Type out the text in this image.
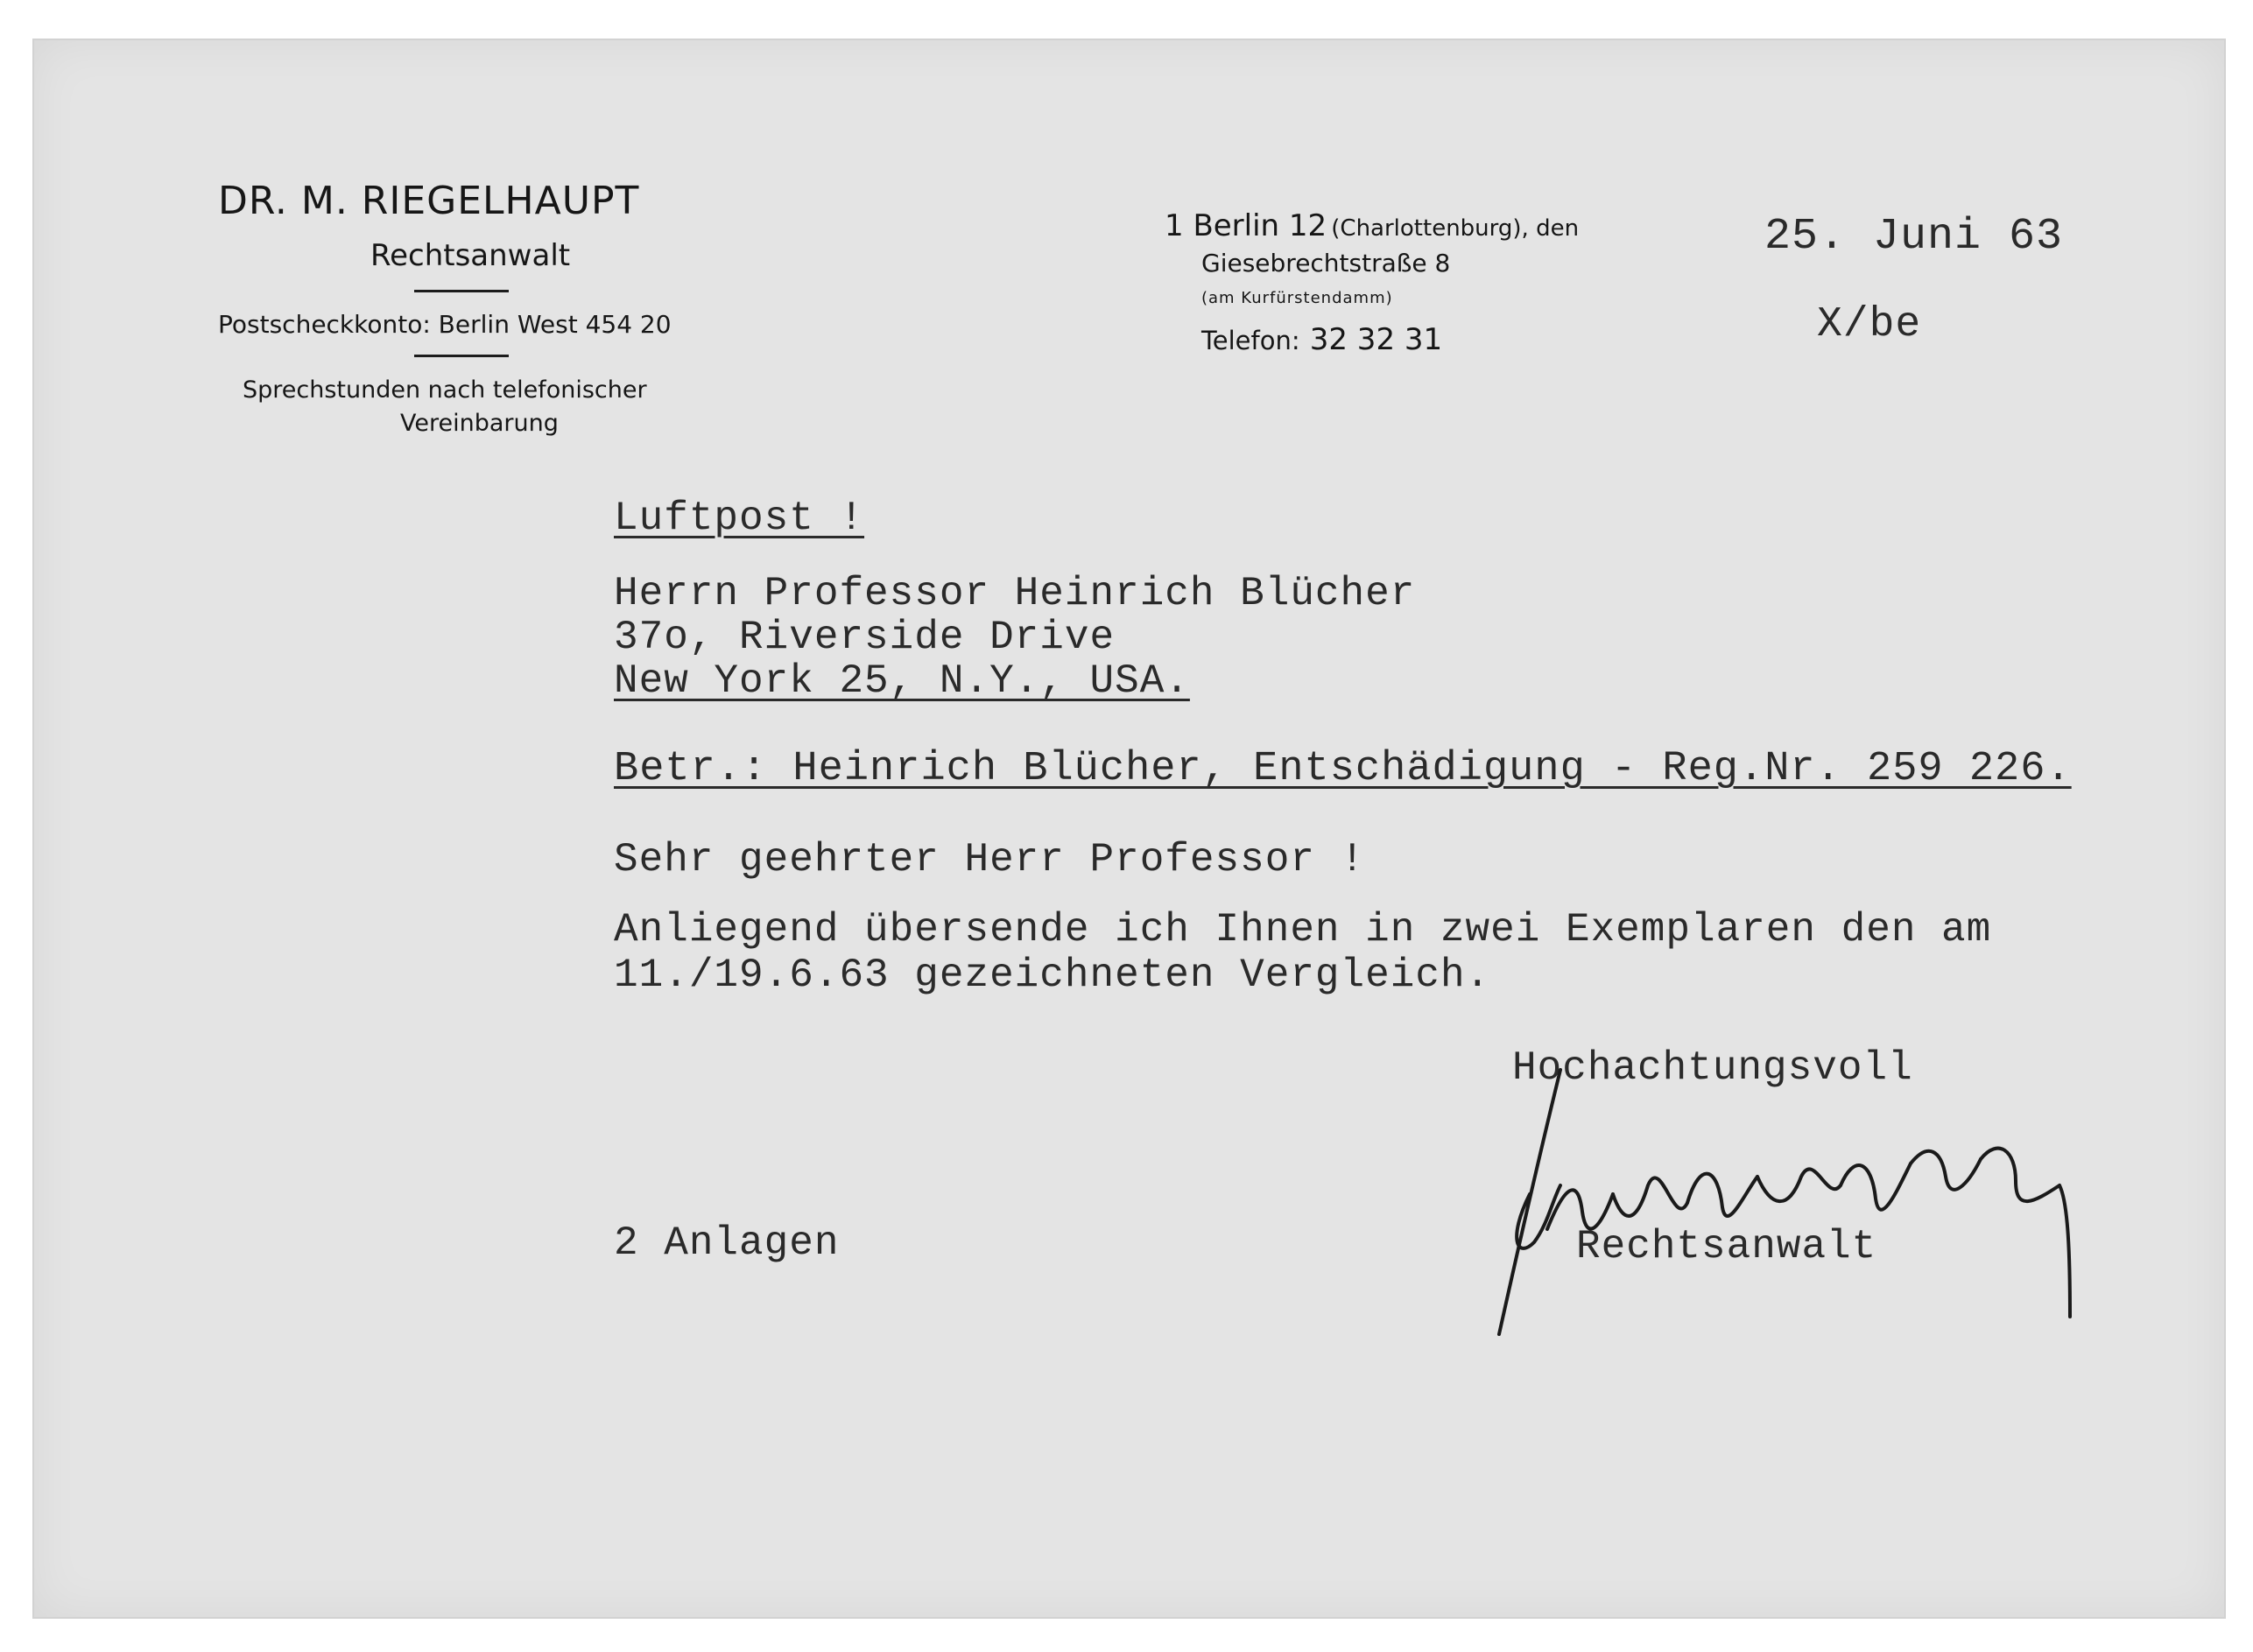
DR. M. RIEGELHAUPT
Rechtsanwalt
Postscheckkonto: Berlin West 454 20
Sprechstunden nach telefonischer
Vereinbarung
1 Berlin 12 (Charlottenburg), den
Giesebrechtstraße 8
(am Kurfürstendamm)
Telefon: 32 32 31
25. Juni 63
X/be
Luftpost !
Herrn Professor Heinrich Blücher
37o, Riverside Drive
New York 25, N.Y., USA.
Betr.: Heinrich Blücher, Entschädigung - Reg.Nr. 259 226.
Sehr geehrter Herr Professor !
Anliegend übersende ich Ihnen in zwei Exemplaren den am
11./19.6.63 gezeichneten Vergleich.
Hochachtungsvoll
Rechtsanwalt
2 Anlagen
